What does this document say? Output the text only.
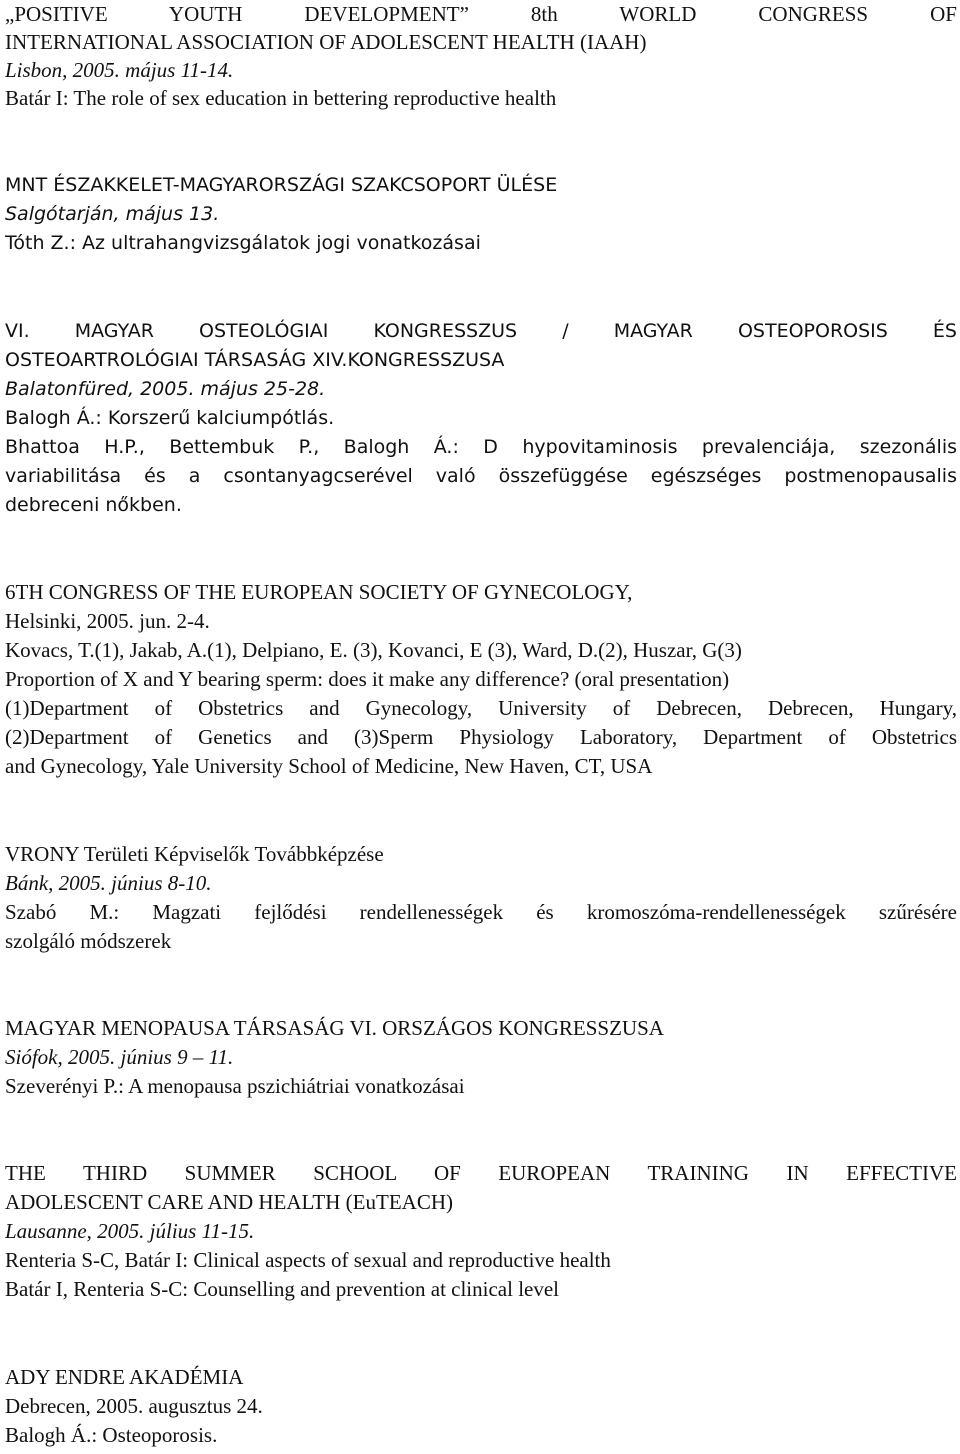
„POSITIVE YOUTH DEVELOPMENT” 8th WORLD CONGRESS OF
INTERNATIONAL ASSOCIATION OF ADOLESCENT HEALTH (IAAH)
Lisbon, 2005. május 11-14.
Batár I: The role of sex education in bettering reproductive health
MNT ÉSZAKKELET-MAGYARORSZÁGI SZAKCSOPORT ÜLÉSE
Salgótarján, május 13.
Tóth Z.: Az ultrahangvizsgálatok jogi vonatkozásai
VI. MAGYAR OSTEOLÓGIAI KONGRESSZUS / MAGYAR OSTEOPOROSIS ÉS
OSTEOARTROLÓGIAI TÁRSASÁG XIV.KONGRESSZUSA
Balatonfüred, 2005. május 25-28.
Balogh Á.: Korszerű kalciumpótlás.
Bhattoa H.P., Bettembuk P., Balogh Á.: D hypovitaminosis prevalenciája, szezonális
variabilitása és a csontanyagcserével való összefüggése egészséges postmenopausalis
debreceni nőkben.
6TH CONGRESS OF THE EUROPEAN SOCIETY OF GYNECOLOGY,
Helsinki, 2005. jun. 2-4.
Kovacs, T.(1), Jakab, A.(1), Delpiano, E. (3), Kovanci, E (3), Ward, D.(2), Huszar, G(3)
Proportion of X and Y bearing sperm: does it make any difference? (oral presentation)
(1)Department of Obstetrics and Gynecology, University of Debrecen, Debrecen, Hungary,
(2)Department of Genetics and (3)Sperm Physiology Laboratory, Department of Obstetrics
and Gynecology, Yale University School of Medicine, New Haven, CT, USA
VRONY Területi Képviselők Továbbképzése
Bánk, 2005. június 8-10.
Szabó M.: Magzati fejlődési rendellenességek és kromoszóma-rendellenességek szűrésére
szolgáló módszerek
MAGYAR MENOPAUSA TÁRSASÁG VI. ORSZÁGOS KONGRESSZUSA
Siófok, 2005. június 9 – 11.
Szeverényi P.: A menopausa pszichiátriai vonatkozásai
THE THIRD SUMMER SCHOOL OF EUROPEAN TRAINING IN EFFECTIVE
ADOLESCENT CARE AND HEALTH (EuTEACH)
Lausanne, 2005. július 11-15.
Renteria S-C, Batár I: Clinical aspects of sexual and reproductive health
Batár I, Renteria S-C: Counselling and prevention at clinical level
ADY ENDRE AKADÉMIA
Debrecen, 2005. augusztus 24.
Balogh Á.: Osteoporosis.
